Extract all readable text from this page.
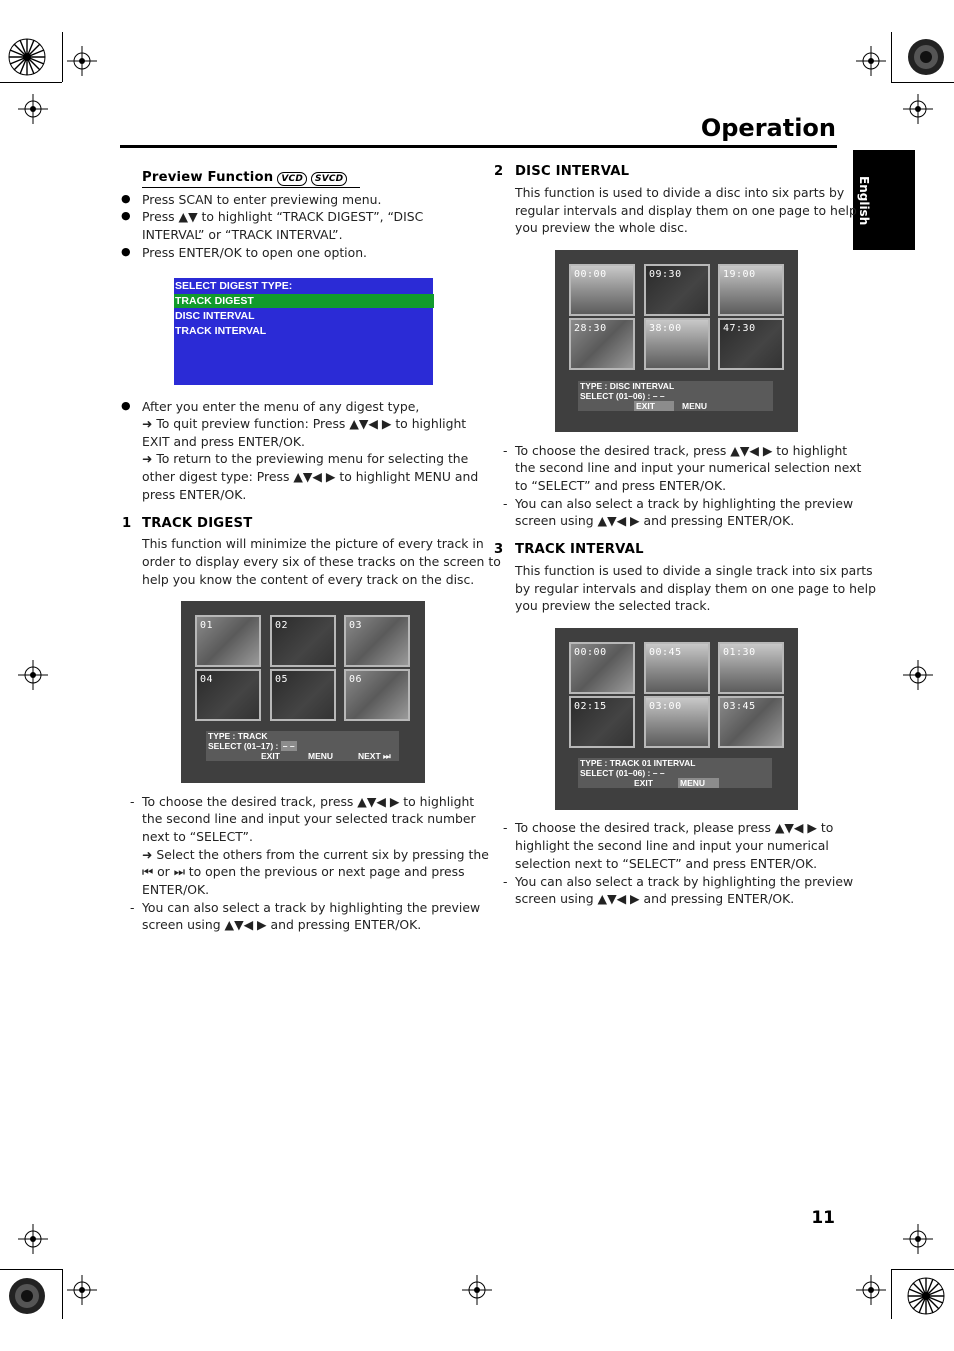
Operation
English
Preview Function VCD SVCD
● Press SCAN to enter previewing menu.
● Press ▲▼ to highlight “TRACK DIGEST”, “DISC
INTERVAL” or “TRACK INTERVAL”.
● Press ENTER/OK to open one option.
SELECT DIGEST TYPE:
TRACK DIGEST
DISC INTERVAL
TRACK INTERVAL
● After you enter the menu of any digest type,
➜ To quit preview function: Press ▲▼◀ ▶ to highlight
EXIT and press ENTER/OK.
➜ To return to the previewing menu for selecting the
other digest type: Press ▲▼◀ ▶ to highlight MENU and
press ENTER/OK.
1 TRACK DIGEST
This function will minimize the picture of every track in
order to display every six of these tracks on the screen to
help you know the content of every track on the disc.
01	02	03
04	05	06
TYPE : TRACK
SELECT (01–17) : – –
EXIT	MENU	NEXT ⏭
- To choose the desired track, press ▲▼◀ ▶ to highlight
the second line and input your selected track number
next to “SELECT”.
➜ Select the others from the current six by pressing the
⏮ or ⏭ to open the previous or next page and press
ENTER/OK.
- You can also select a track by highlighting the preview
screen using ▲▼◀ ▶ and pressing ENTER/OK.
2 DISC INTERVAL
This function is used to divide a disc into six parts by
regular intervals and display them on one page to help
you preview the whole disc.
00:00	09:30	19:00
28:30	38:00	47:30
TYPE : DISC INTERVAL
SELECT (01–06) : – –
EXIT	MENU
- To choose the desired track, press ▲▼◀ ▶ to highlight
the second line and input your numerical selection next
to “SELECT” and press ENTER/OK.
- You can also select a track by highlighting the preview
screen using ▲▼◀ ▶ and pressing ENTER/OK.
3 TRACK INTERVAL
This function is used to divide a single track into six parts
by regular intervals and display them on one page to help
you preview the selected track.
00:00	00:45	01:30
02:15	03:00	03:45
TYPE : TRACK 01 INTERVAL
SELECT (01–06) : – –
EXIT	MENU
- To choose the desired track, please press ▲▼◀ ▶ to
highlight the second line and input your numerical
selection next to “SELECT” and press ENTER/OK.
- You can also select a track by highlighting the preview
screen using ▲▼◀ ▶ and pressing ENTER/OK.
11
